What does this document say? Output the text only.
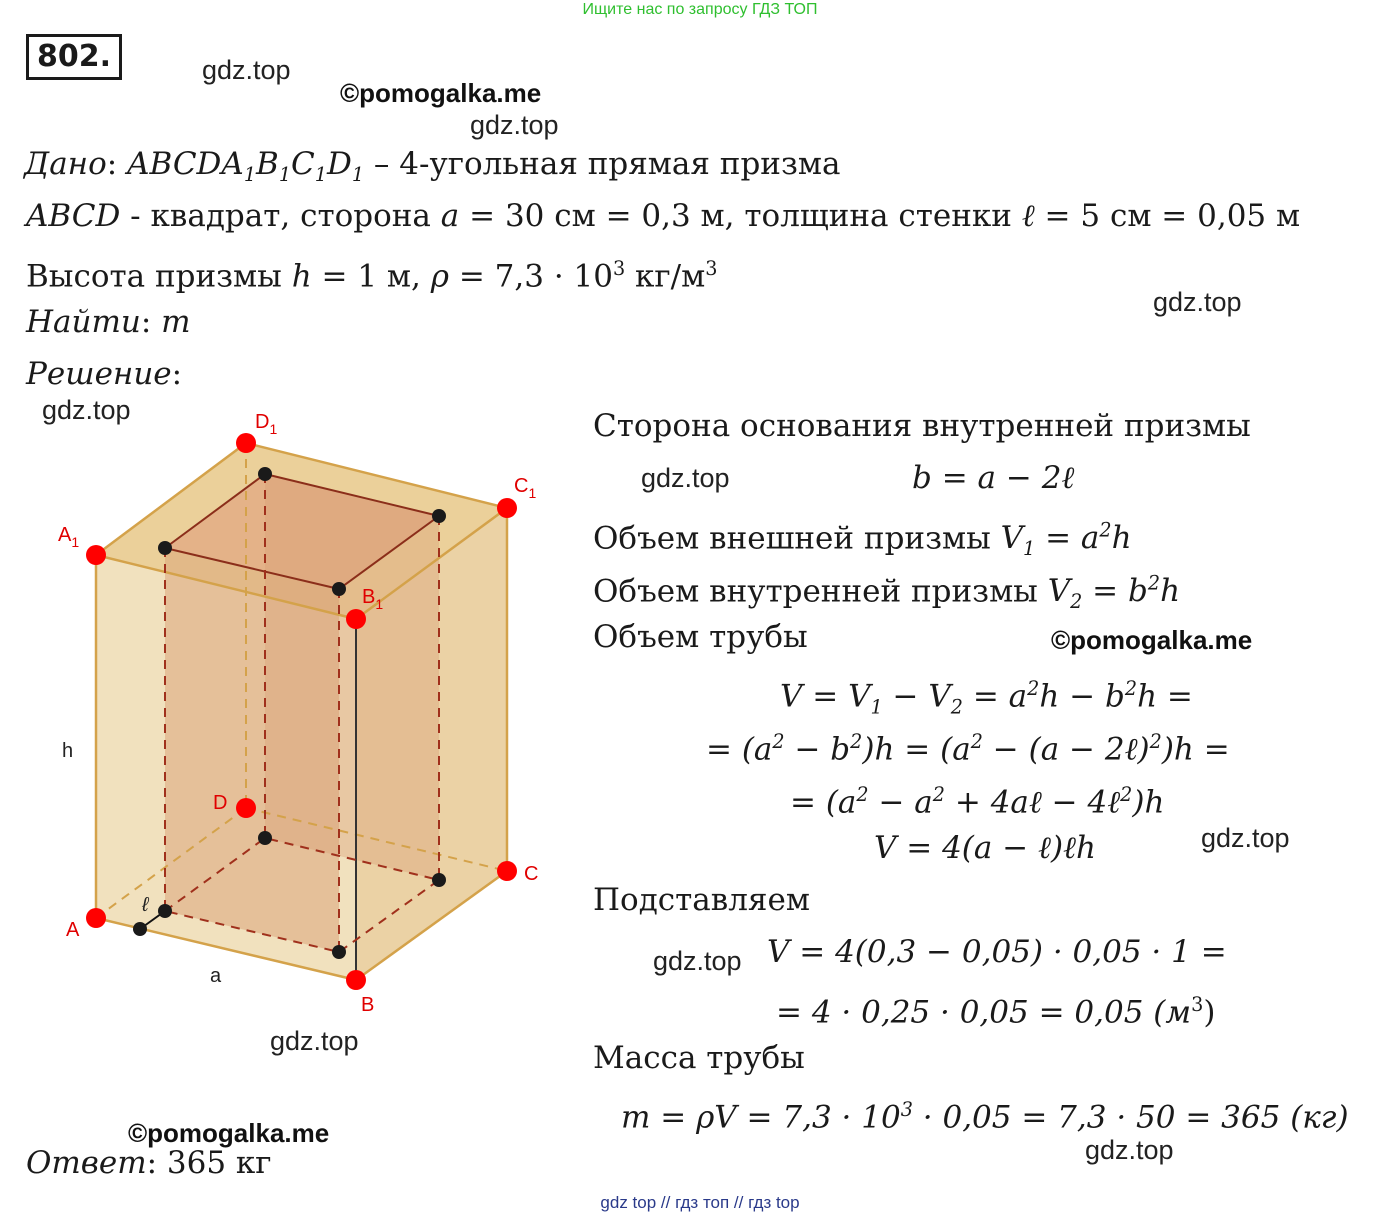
Ищите нас по запросу ГДЗ ТОП
802.	gdz.top
©pomogalka.me
gdz.top
gdz.top
gdz.top
gdz.top
©pomogalka.me
gdz.top
gdz.top
gdz.top
©pomogalka.me
gdz.top
Дано: $ABCDA_1B_1C_1D_1$ – 4-угольная прямая призма
ABCD - квадрат, сторона a = 30 см = 0,3 м, толщина стенки ℓ = 5 см = 0,05 м
Высота призмы h = 1 м, $\rho = 7,3 \cdot 10^3$ $кг/м^3$
Найти: m
Решение:
$A_1$
$D_1$
$C_1$
$B_1$
A
D
C
B
h
a
ℓ
Сторона основания внутренней призмы
b = a − 2ℓ
Объем внешней призмы $V_1 = a^2h$
Объем внутренней призмы $V_2 = b^2h$
Объем трубы
$V = V_1 - V_2 = a^2h - b^2h$ =
= $(a^2 - b^2)h = (a^2 - (a$ − 2ℓ)$^2$)h =
= ($a^2 - a^2$ + 4aℓ − 4ℓ$^2$)h
V = 4(a − ℓ)ℓh
Подставляем
V = 4(0,3 − 0,05) · 0,05 · 1 =
= 4 · 0,25 · 0,05 = 0,05 $(м^3)$
Масса трубы
$m = \rho V = 7,3 \cdot 10^3 \cdot 0,05 = 7,3 \cdot 50 = 365$ (кг)
Ответ: 365 кг
gdz top // гдз топ // гдз top
